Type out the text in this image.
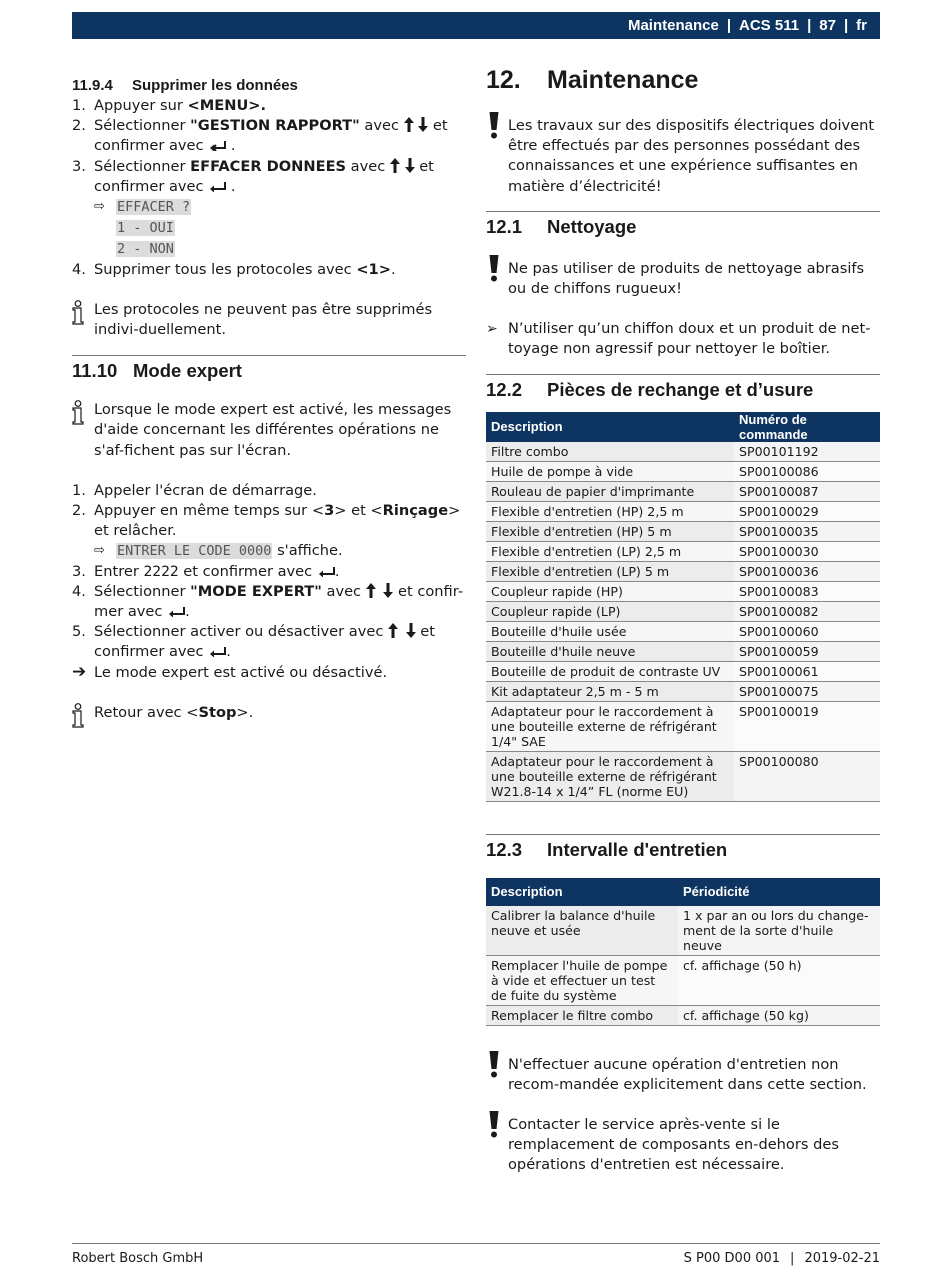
Maintenance | ACS 511 | 87 | fr
11.9.4 Supprimer les données
1. Appuyer sur <MENU>.
2. Sélectionner "GESTION RAPPORT" avec   et confirmer avec  .
3. Sélectionner EFFACER DONNEES avec   et confirmer avec  .
⇨ EFFACER ?
1 - OUI
2 - NON
4. Supprimer tous les protocoles avec <1>.
Les protocoles ne peuvent pas être supprimés indivi-duellement.
11.10 Mode expert
Lorsque le mode expert est activé, les messages d'aide concernant les différentes opérations ne s'af-fichent pas sur l'écran.
1. Appeler l'écran de démarrage.
2. Appuyer en même temps sur <3> et <Rinçage> et relâcher.
⇨ ENTRER LE CODE 0000 s'affiche.
3. Entrer 2222 et confirmer avec .
4. Sélectionner "MODE EXPERT" avec   et confir-mer avec .
5. Sélectionner activer ou désactiver avec   et confirmer avec .
➔ Le mode expert est activé ou désactivé.
Retour avec <Stop>.
12. Maintenance
Les travaux sur des dispositifs électriques doivent être effectués par des personnes possédant des connaissances et une expérience suffisantes en matière d’électricité!
12.1 Nettoyage
Ne pas utiliser de produits de nettoyage abrasifs ou de chiffons rugueux!
➢ N’utiliser qu’un chiffon doux et un produit de net-toyage non agressif pour nettoyer le boîtier.
12.2 Pièces de rechange et d’usure
Description	Numéro de commande
Filtre combo	SP00101192
Huile de pompe à vide	SP00100086
Rouleau de papier d'imprimante	SP00100087
Flexible d'entretien (HP) 2,5 m	SP00100029
Flexible d'entretien (HP) 5 m	SP00100035
Flexible d'entretien (LP) 2,5 m	SP00100030
Flexible d'entretien (LP) 5 m	SP00100036
Coupleur rapide (HP)	SP00100083
Coupleur rapide (LP)	SP00100082
Bouteille d'huile usée	SP00100060
Bouteille d'huile neuve	SP00100059
Bouteille de produit de contraste UV	SP00100061
Kit adaptateur 2,5 m - 5 m	SP00100075
Adaptateur pour le raccordement à une bouteille externe de réfrigérant 1/4" SAE	SP00100019
Adaptateur pour le raccordement à une bouteille externe de réfrigérant W21.8-14 x 1/4” FL (norme EU)	SP00100080
12.3 Intervalle d'entretien
Description	Périodicité
Calibrer la balance d'huile neuve et usée	1 x par an ou lors du change-ment de la sorte d'huile neuve
Remplacer l'huile de pompe à vide et effectuer un test de fuite du système	cf. affichage (50 h)
Remplacer le filtre combo	cf. affichage (50 kg)
N'effectuer aucune opération d'entretien non recom-mandée explicitement dans cette section.
Contacter le service après-vente si le remplacement de composants en-dehors des opérations d'entretien est nécessaire.
Robert Bosch GmbH	S P00 D00 001 | 2019-02-21
